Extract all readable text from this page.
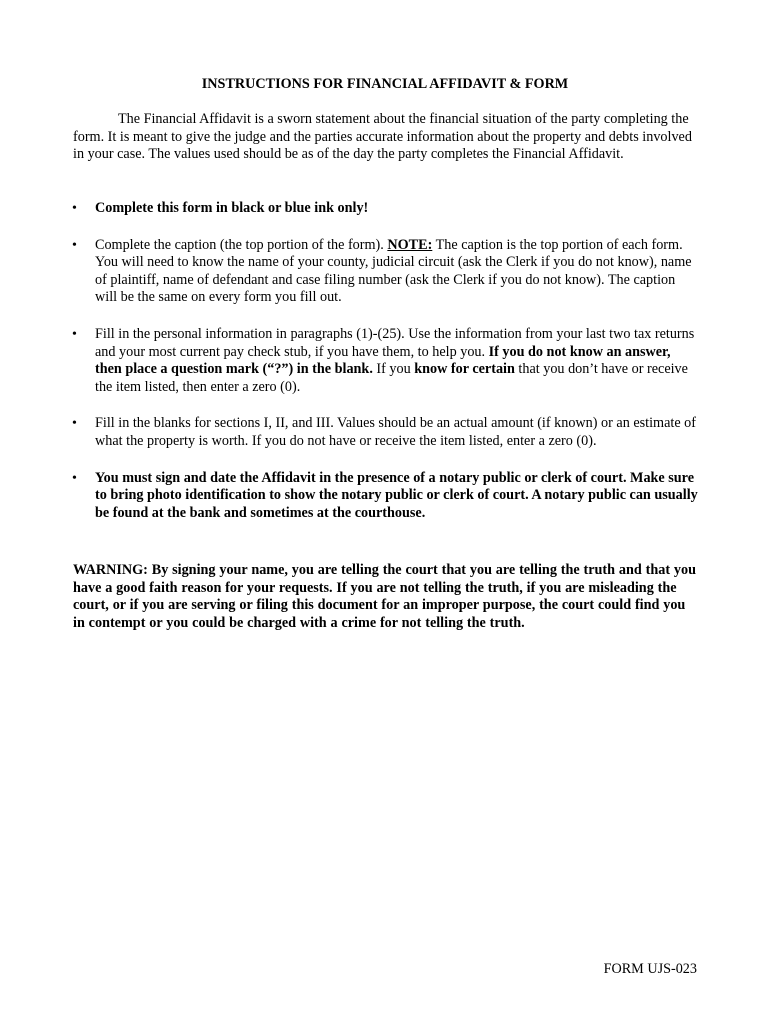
INSTRUCTIONS FOR FINANCIAL AFFIDAVIT & FORM

The Financial Affidavit is a sworn statement about the financial situation of the party completing the form. It is meant to give the judge and the parties accurate information about the property and debts involved in your case. The values used should be as of the day the party completes the Financial Affidavit.

• Complete this form in black or blue ink only!
• Complete the caption (the top portion of the form). NOTE: The caption is the top portion of each form. You will need to know the name of your county, judicial circuit (ask the Clerk if you do not know), name of plaintiff, name of defendant and case filing number (ask the Clerk if you do not know). The caption will be the same on every form you fill out.
• Fill in the personal information in paragraphs (1)-(25). Use the information from your last two tax returns and your most current pay check stub, if you have them, to help you. If you do not know an answer, then place a question mark (“?”) in the blank. If you know for certain that you don’t have or receive the item listed, then enter a zero (0).
• Fill in the blanks for sections I, II, and III. Values should be an actual amount (if known) or an estimate of what the property is worth. If you do not have or receive the item listed, enter a zero (0).
• You must sign and date the Affidavit in the presence of a notary public or clerk of court. Make sure to bring photo identification to show the notary public or clerk of court. A notary public can usually be found at the bank and sometimes at the courthouse.

WARNING: By signing your name, you are telling the court that you are telling the truth and that you have a good faith reason for your requests. If you are not telling the truth, if you are misleading the court, or if you are serving or filing this document for an improper purpose, the court could find you in contempt or you could be charged with a crime for not telling the truth.

FORM UJS-023
